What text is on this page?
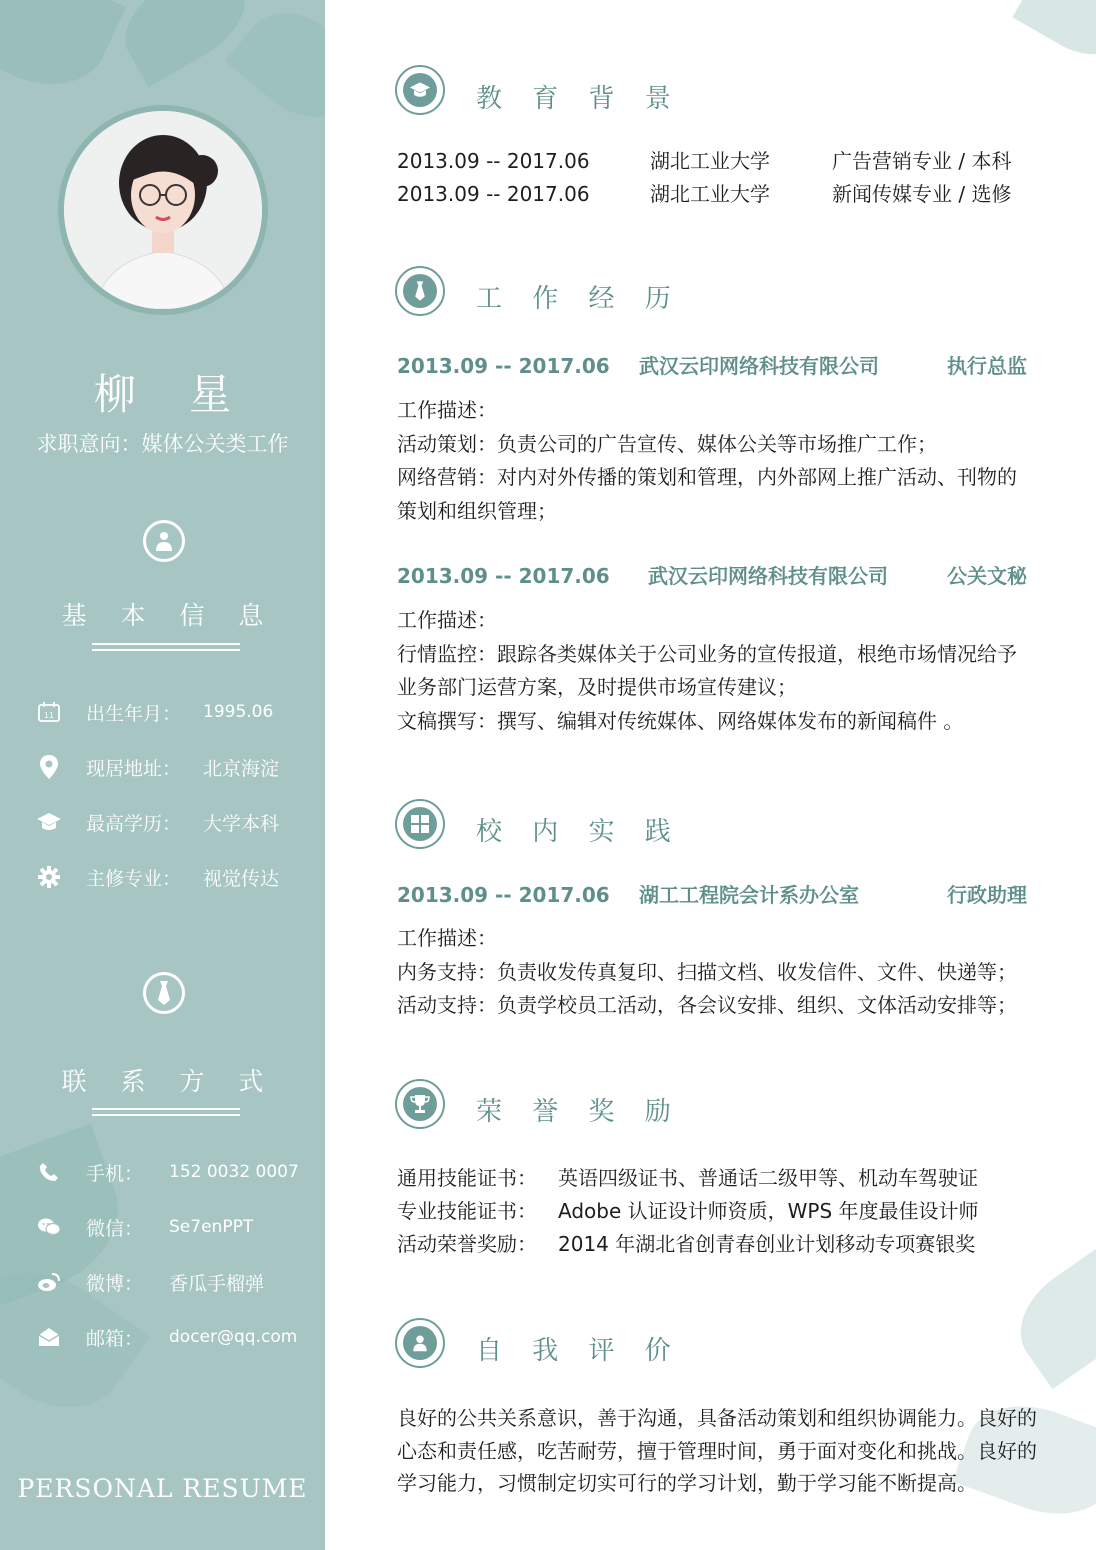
柳 星
求职意向：媒体公关类工作
基 本 信 息
11 出生年月： 1995.06
现居地址： 北京海淀
最高学历： 大学本科
主修专业： 视觉传达
联 系 方 式
手机： 152 0032 0007
微信： Se7enPPT
微博： 香瓜手榴弹
邮箱： docer@qq.com
PERSONAL RESUME
教 育 背 景
2013.09 -- 2017.06	湖北工业大学	广告营销专业 / 本科
2013.09 -- 2017.06	湖北工业大学	新闻传媒专业 / 选修
工 作 经 历
2013.09 -- 2017.06 武汉云印网络科技有限公司	执行总监
工作描述：
活动策划：负责公司的广告宣传、媒体公关等市场推广工作；
网络营销：对内对外传播的策划和管理，内外部网上推广活动、刊物的
策划和组织管理；
2013.09 -- 2017.06 武汉云印网络科技有限公司	公关文秘
工作描述：
行情监控：跟踪各类媒体关于公司业务的宣传报道，根绝市场情况给予
业务部门运营方案，及时提供市场宣传建议；
文稿撰写：撰写、编辑对传统媒体、网络媒体发布的新闻稿件 。
校 内 实 践
2013.09 -- 2017.06 湖工工程院会计系办公室	行政助理
工作描述：
内务支持：负责收发传真复印、扫描文档、收发信件、文件、快递等；
活动支持：负责学校员工活动，各会议安排、组织、文体活动安排等；
荣 誉 奖 励
通用技能证书： 英语四级证书、普通话二级甲等、机动车驾驶证
专业技能证书： Adobe 认证设计师资质，WPS 年度最佳设计师
活动荣誉奖励： 2014 年湖北省创青春创业计划移动专项赛银奖
自 我 评 价
良好的公共关系意识，善于沟通，具备活动策划和组织协调能力。良好的
心态和责任感，吃苦耐劳，擅于管理时间，勇于面对变化和挑战。良好的
学习能力，习惯制定切实可行的学习计划，勤于学习能不断提高。
